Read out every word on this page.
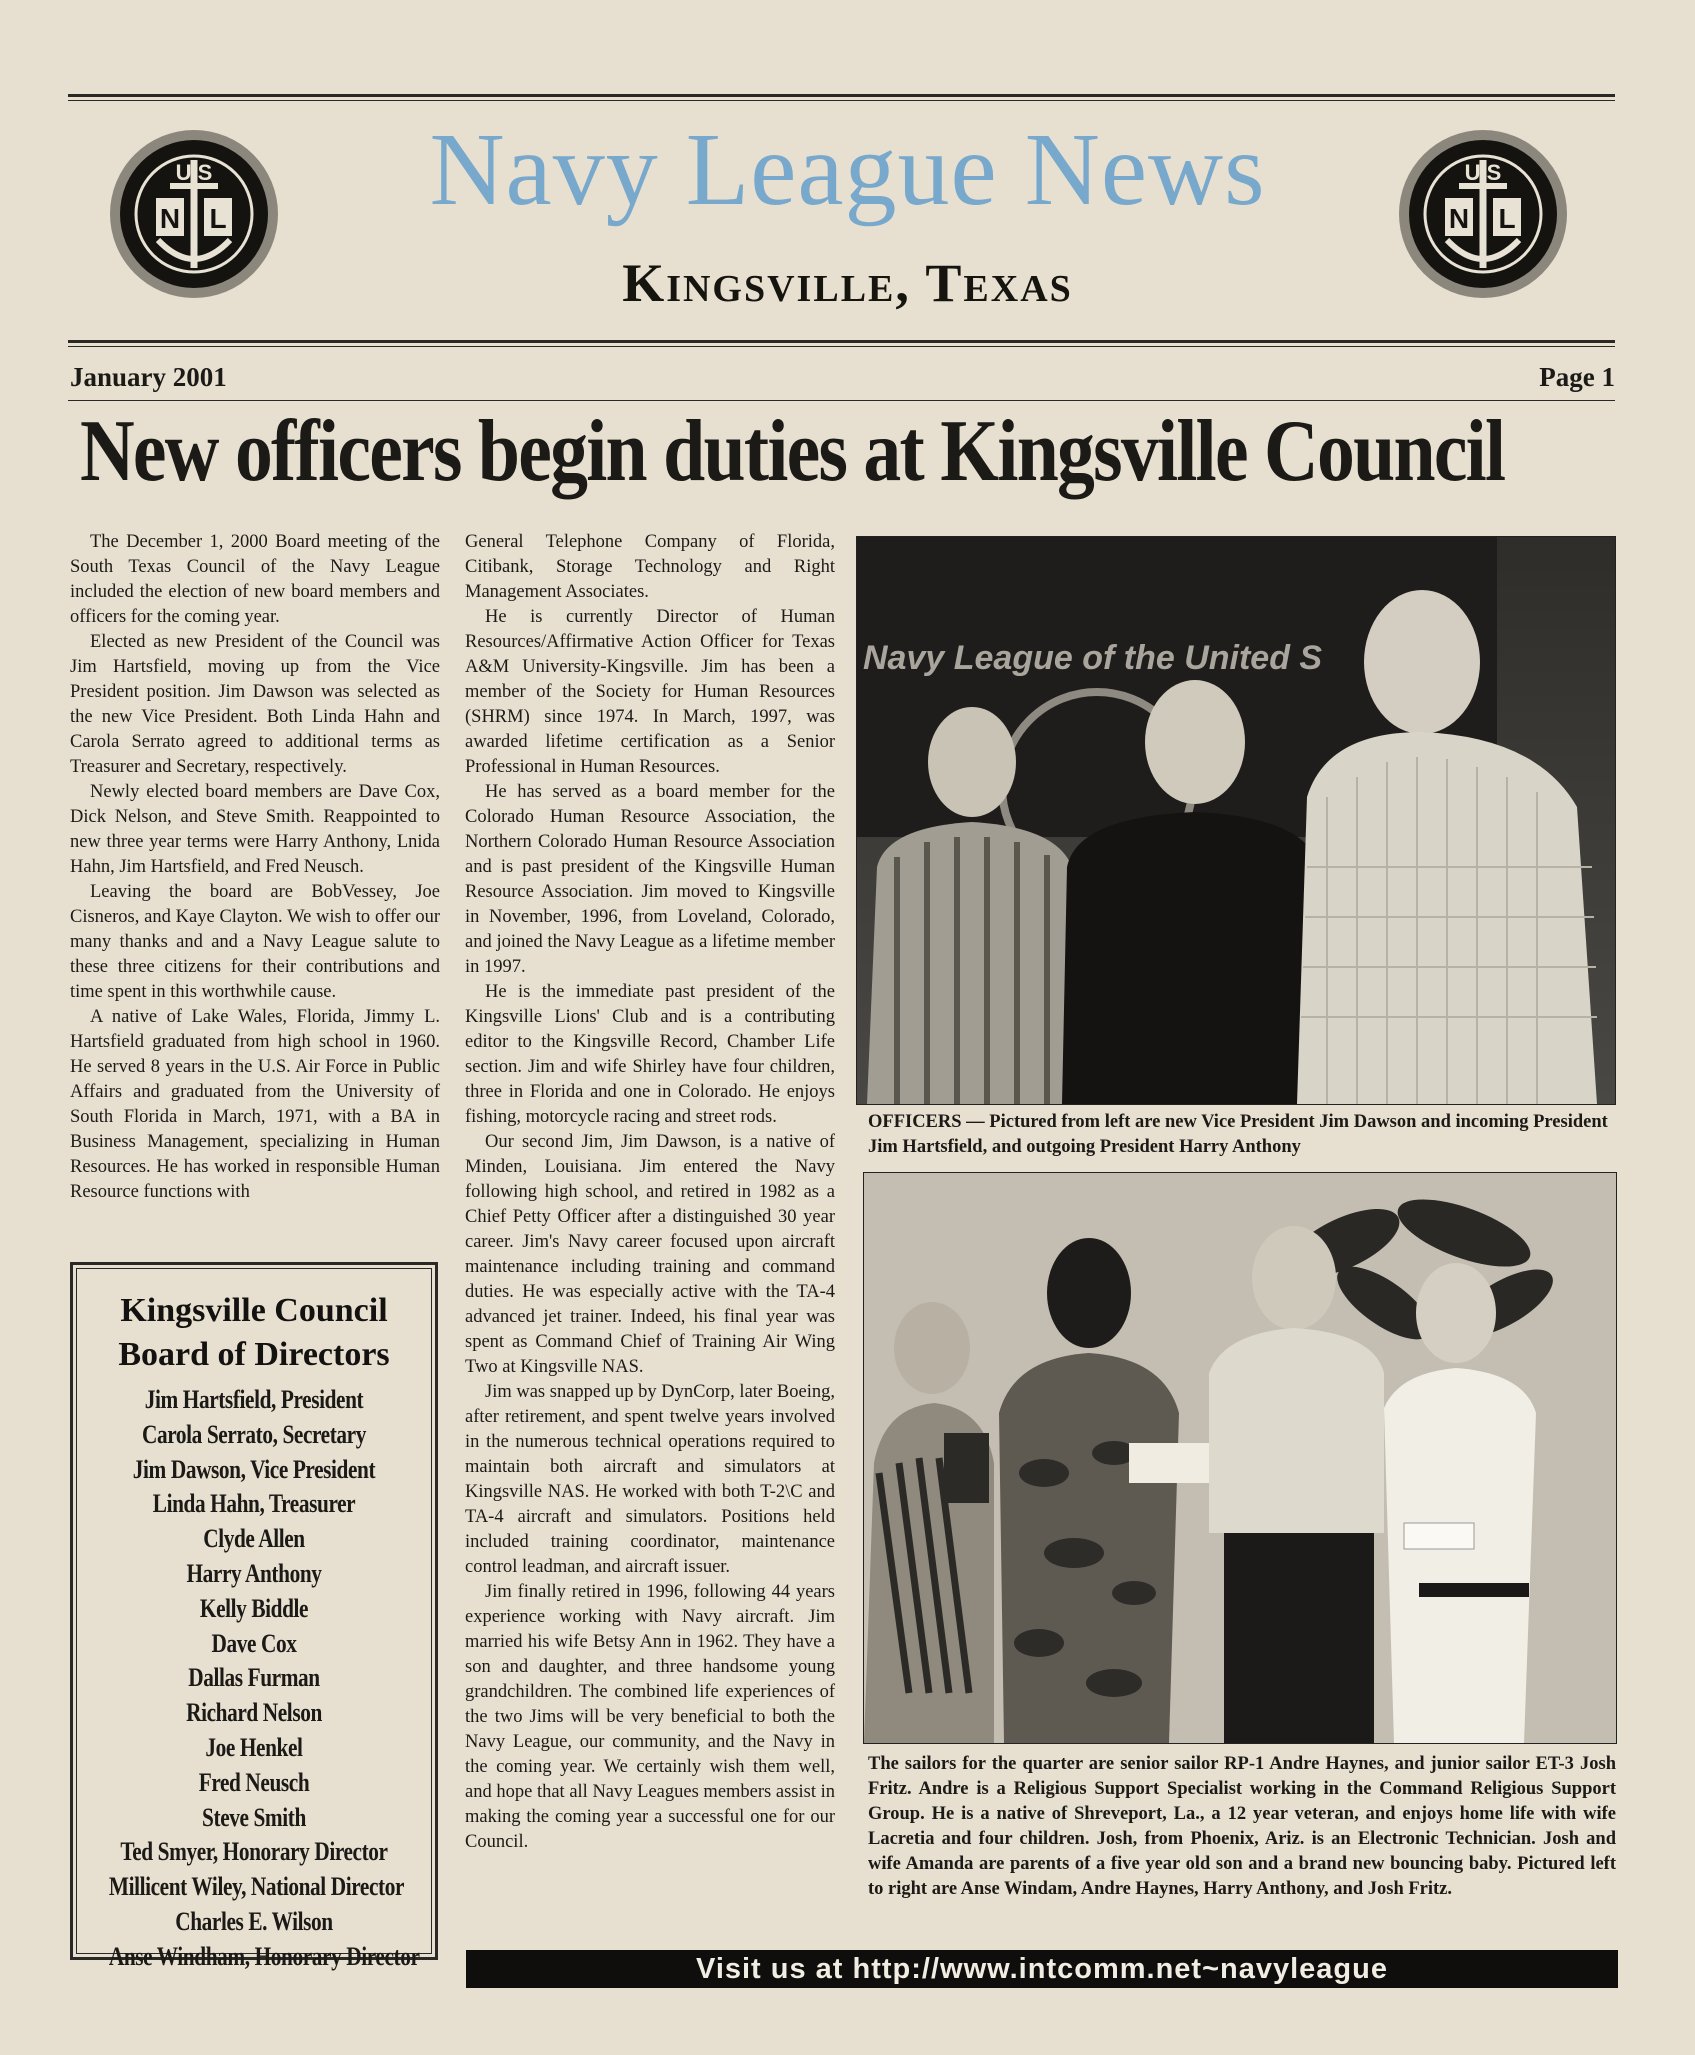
N L
U.S
N L
U.S
Navy League News
Kingsville, Texas
January 2001	Page 1
New officers begin duties at Kingsville Council

The December 1, 2000 Board meeting of the South Texas Council of the Navy League included the election of new board members and officers for the coming year.

Elected as new President of the Council was Jim Hartsfield, moving up from the Vice President position. Jim Dawson was selected as the new Vice President. Both Linda Hahn and Carola Serrato agreed to additional terms as Treasurer and Secretary, respectively.

Newly elected board members are Dave Cox, Dick Nelson, and Steve Smith. Reappointed to new three year terms were Harry Anthony, Lnida Hahn, Jim Hartsfield, and Fred Neusch.

Leaving the board are BobVessey, Joe Cisneros, and Kaye Clayton. We wish to offer our many thanks and and a Navy League salute to these three citizens for their contributions and time spent in this worthwhile cause.

A native of Lake Wales, Florida, Jimmy L. Hartsfield graduated from high school in 1960. He served 8 years in the U.S. Air Force in Public Affairs and graduated from the University of South Florida in March, 1971, with a BA in Business Management, specializing in Human Resources. He has worked in responsible Human Resource functions with

Kingsville Council
Board of Directors
Jim Hartsfield, President
Carola Serrato, Secretary
Jim Dawson, Vice President
Linda Hahn, Treasurer
Clyde Allen
Harry Anthony
Kelly Biddle
Dave Cox
Dallas Furman
Richard Nelson
Joe Henkel
Fred Neusch
Steve Smith
Ted Smyer, Honorary Director
Millicent Wiley, National Director
Charles E. Wilson
Anse Windham, Honorary Director

General Telephone Company of Florida, Citibank, Storage Technology and Right Management Associates.

He is currently Director of Human Resources/Affirmative Action Officer for Texas A&M University-Kingsville. Jim has been a member of the Society for Human Resources (SHRM) since 1974. In March, 1997, was awarded lifetime certification as a Senior Professional in Human Resources.

He has served as a board member for the Colorado Human Resource Association, the Northern Colorado Human Resource Association and is past president of the Kingsville Human Resource Association. Jim moved to Kingsville in November, 1996, from Loveland, Colorado, and joined the Navy League as a lifetime member in 1997.

He is the immediate past president of the Kingsville Lions' Club and is a contributing editor to the Kingsville Record, Chamber Life section. Jim and wife Shirley have four children, three in Florida and one in Colorado. He enjoys fishing, motorcycle racing and street rods.

Our second Jim, Jim Dawson, is a native of Minden, Louisiana. Jim entered the Navy following high school, and retired in 1982 as a Chief Petty Officer after a distinguished 30 year career. Jim's Navy career focused upon aircraft maintenance including training and command duties. He was especially active with the TA-4 advanced jet trainer. Indeed, his final year was spent as Command Chief of Training Air Wing Two at Kingsville NAS.

Jim was snapped up by DynCorp, later Boeing, after retirement, and spent twelve years involved in the numerous technical operations required to maintain both aircraft and simulators at Kingsville NAS. He worked with both T-2\C and TA-4 aircraft and simulators. Positions held included training coordinator, maintenance control leadman, and aircraft issuer.

Jim finally retired in 1996, following 44 years experience working with Navy aircraft. Jim married his wife Betsy Ann in 1962. They have a son and daughter, and three handsome young grandchildren. The combined life experiences of the two Jims will be very beneficial to both the Navy League, our community, and the Navy in the coming year. We certainly wish them well, and hope that all Navy Leagues members assist in making the coming year a successful one for our Council.

Navy League of the United S
OFFICERS — Pictured from left are new Vice President Jim Dawson and incoming President Jim Hartsfield, and outgoing President Harry Anthony
The sailors for the quarter are senior sailor RP-1 Andre Haynes, and junior sailor ET-3 Josh Fritz. Andre is a Religious Support Specialist working in the Command Religious Support Group. He is a native of Shreveport, La., a 12 year veteran, and enjoys home life with wife Lacretia and four children. Josh, from Phoenix, Ariz. is an Electronic Technician. Josh and wife Amanda are parents of a five year old son and a brand new bouncing baby. Pictured left to right are Anse Windam, Andre Haynes, Harry Anthony, and Josh Fritz.
Visit us at http://www.intcomm.net~navyleague
